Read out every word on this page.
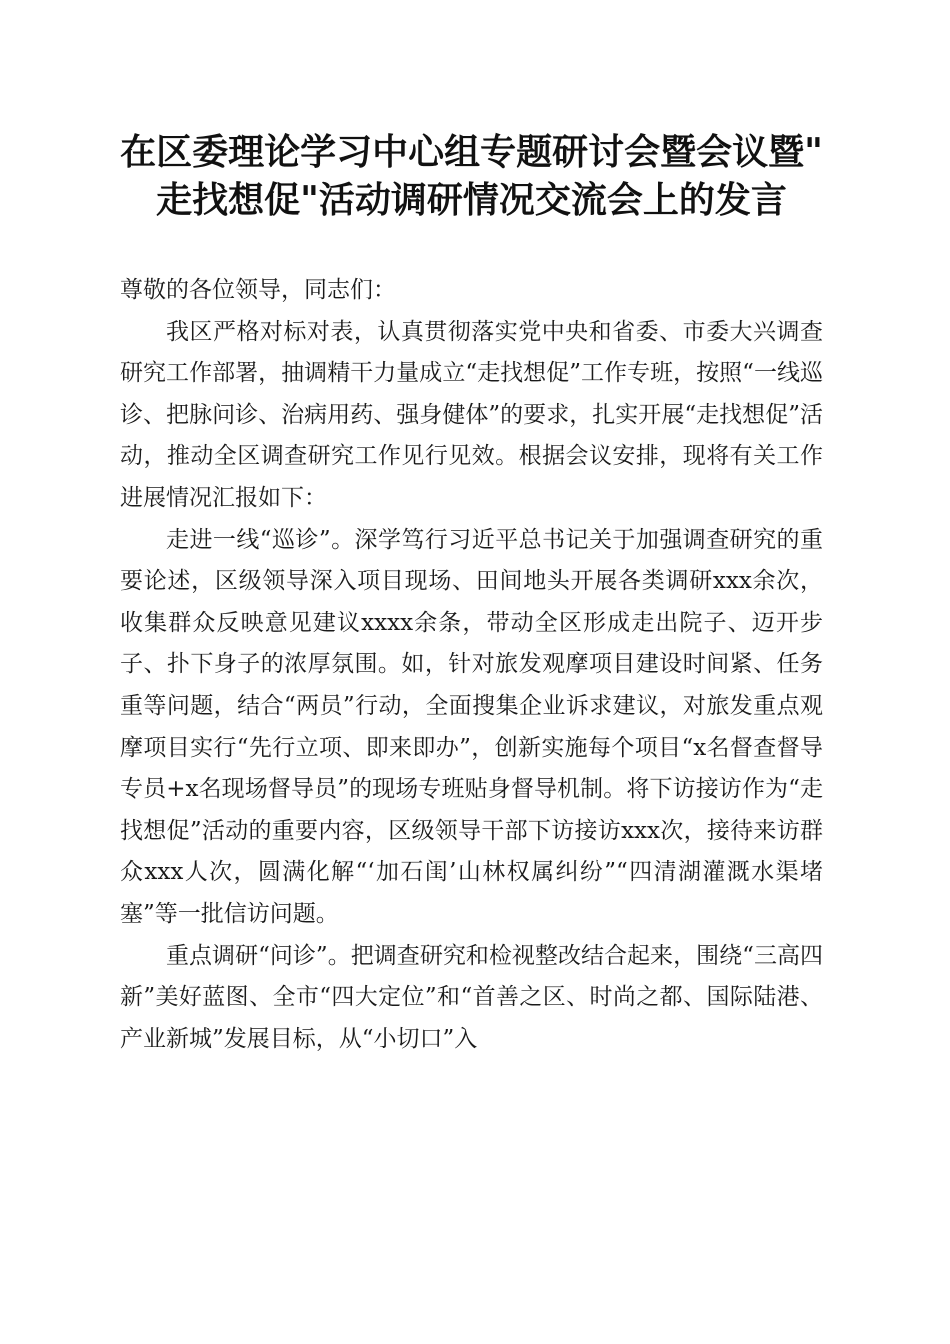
在区委理论学习中心组专题研讨会暨会议暨"
走找想促"活动调研情况交流会上的发言

尊敬的各位领导，同志们：

我区严格对标对表，认真贯彻落实党中央和省委、市委大兴调查研究工作部署，抽调精干力量成立“走找想促”工作专班，按照“一线巡诊、把脉问诊、治病用药、强身健体”的要求，扎实开展“走找想促”活动，推动全区调查研究工作见行见效。根据会议安排，现将有关工作进展情况汇报如下：

走进一线“巡诊”。深学笃行习近平总书记关于加强调查研究的重要论述，区级领导深入项目现场、田间地头开展各类调研xxx余次，收集群众反映意见建议xxxx余条，带动全区形成走出院子、迈开步子、扑下身子的浓厚氛围。如，针对旅发观摩项目建设时间紧、任务重等问题，结合“两员”行动，全面搜集企业诉求建议，对旅发重点观摩项目实行“先行立项、即来即办”，创新实施每个项目“x名督查督导专员+x名现场督导员”的现场专班贴身督导机制。将下访接访作为“走找想促”活动的重要内容，区级领导干部下访接访xxx次，接待来访群众xxx人次，圆满化解“‘加石闺’山林权属纠纷”“四清湖灌溉水渠堵塞”等一批信访问题。

重点调研“问诊”。把调查研究和检视整改结合起来，围绕“三高四新”美好蓝图、全市“四大定位”和“首善之区、时尚之都、国际陆港、产业新城”发展目标，从“小切口”入
